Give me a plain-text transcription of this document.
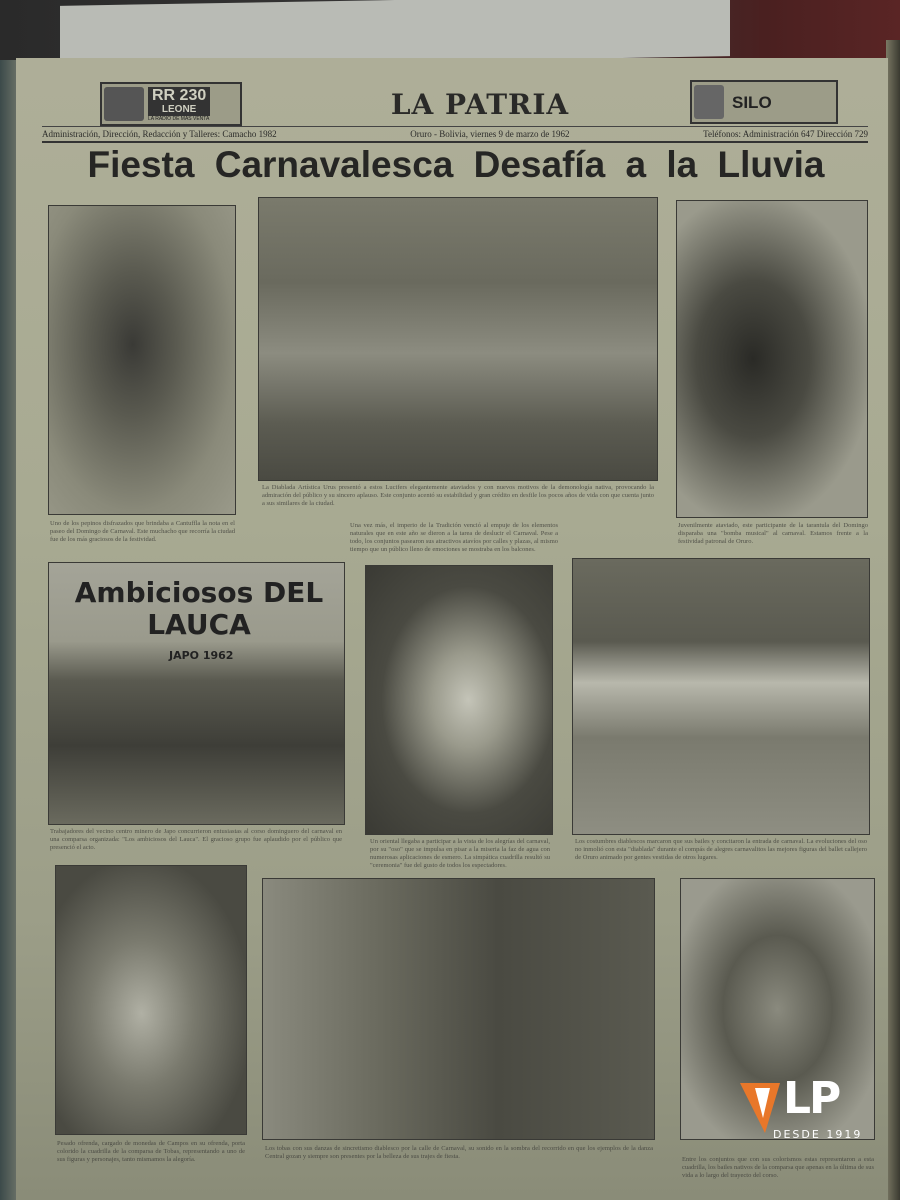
RR 230
LEONE
LA RADIO DE MAS VENTA	LA PATRIA	SILO
Administración, Dirección, Redacción y Talleres: Camacho 1982	Oruro - Bolivia, viernes 9 de marzo de 1962	Teléfonos: Administración 647 Dirección 729
Fiesta Carnavalesca Desafía a la Lluvia
Uno de los pepinos disfrazados que brindaba a Cantuffla la nota en el paseo del Domingo de Carnaval. Este muchacho que recorría la ciudad fue de los más graciosos de la festividad.
La Diablada Artística Urus presentó a estos Lucifers elegantemente ataviados y con nuevos motivos de la demonología nativa, provocando la admiración del público y su sincero aplauso. Este conjunto acentó su estabilidad y gran crédito en desfile los pocos años de vida con que cuenta junto a sus similares de la ciudad.
Una vez más, el imperio de la Tradición venció al empuje de los elementos naturales que en este año se dieron a la tarea de deslucir el Carnaval. Pese a todo, los conjuntos pasearon sus atractivos atavíos por calles y plazas, al mismo tiempo que un público lleno de emociones se mostraba en los balcones.
Juvenilmente ataviado, este participante de la tarantula del Domingo disparaba una "bomba musical" al carnaval. Estamos frente a la festividad patronal de Oruro.
Ambiciosos DEL LAUCA
JAPO 1962
Trabajadores del vecino centro minero de Japo concurrieron entusiastas al corso dominguero del carnaval en una comparsa organizada: "Los ambiciosos del Lauca". El gracioso grupo fue aplaudido por el público que presenció el acto.
Un oriental llegaba a participar a la vista de los alegrías del carnaval, por su "oso" que se impulsa en pisar a la miseria la faz de agua con numerosas aplicaciones de esmero. La simpática cuadrilla resultó su "ceremonia" fue del gusto de todos los espectadores.
Los costumbres diablescos marcaron que sus bailes y concitaron la entrada de carnaval. La evoluciones del oso no inmolió con esta "diablada" durante el compás de alegres carnavalitos las mejores figuras del ballet callejero de Oruro animado por gentes vestidas de otros lugares.
Pesado ofrenda, cargado de monedas de Campos en su ofrenda, porta colorido la cuadrilla de la comparsa de Tobas, representando a uno de sus figuras y personajes, tanto mismamos la alegoría.
Los tobas con sus danzas de sincretismo diablesco por la calle de Carnaval, su sonido en la sombra del recorrido en que los ejemplos de la danza Central gozan y siempre son presentes por la belleza de sus trajes de fiesta.	Entre los conjuntos que con sus colorismos estas representaron a esta cuadrilla, los bailes nativos de la comparsa que apenas en la última de sus vida a lo largo del trayecto del corso.
LP
DESDE 1919
